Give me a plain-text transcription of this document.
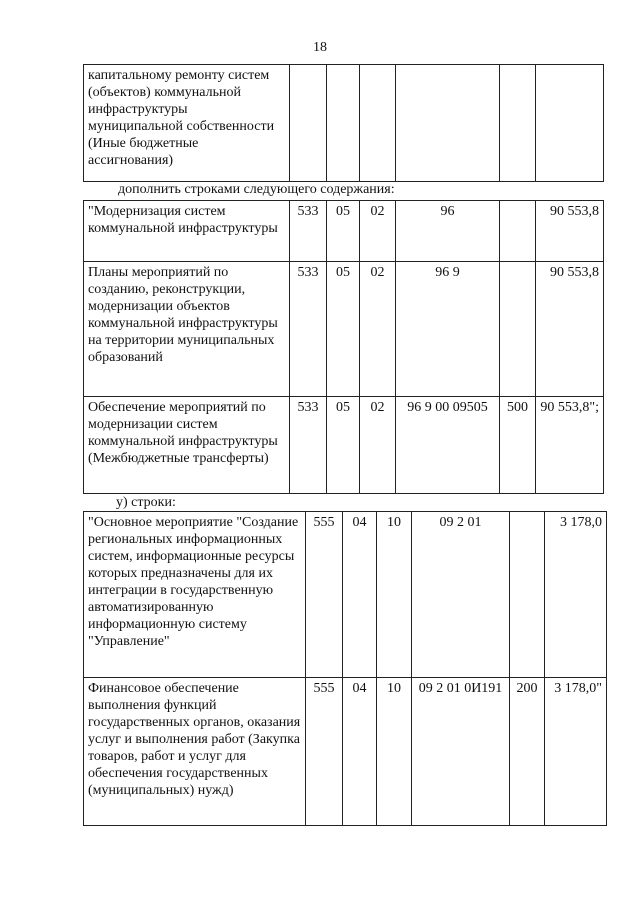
18
капитальному ремонту систем (объектов) коммунальной инфраструктуры муниципальной собственности (Иные бюджетные ассигнования)						
дополнить строками следующего содержания:
"Модернизация систем коммунальной инфраструктуры	533	05	02	96		90 553,8
Планы мероприятий по созданию, реконструкции, модернизации объектов коммунальной инфраструктуры на территории муниципальных образований	533	05	02	96 9		90 553,8
Обеспечение мероприятий по модернизации систем коммунальной инфраструктуры (Межбюджетные трансферты)	533	05	02	96 9 00 09505	500	90 553,8";
у) строки:
"Основное мероприятие "Создание региональных информационных систем, информационные ресурсы которых предназначены для их интеграции в государственную автоматизированную информационную систему "Управление"	555	04	10	09 2 01		3 178,0
Финансовое обеспечение выполнения функций государственных органов, оказания услуг и выполнения работ (Закупка товаров, работ и услуг для обеспечения государственных (муниципальных) нужд)	555	04	10	09 2 01 0И191	200	3 178,0"
